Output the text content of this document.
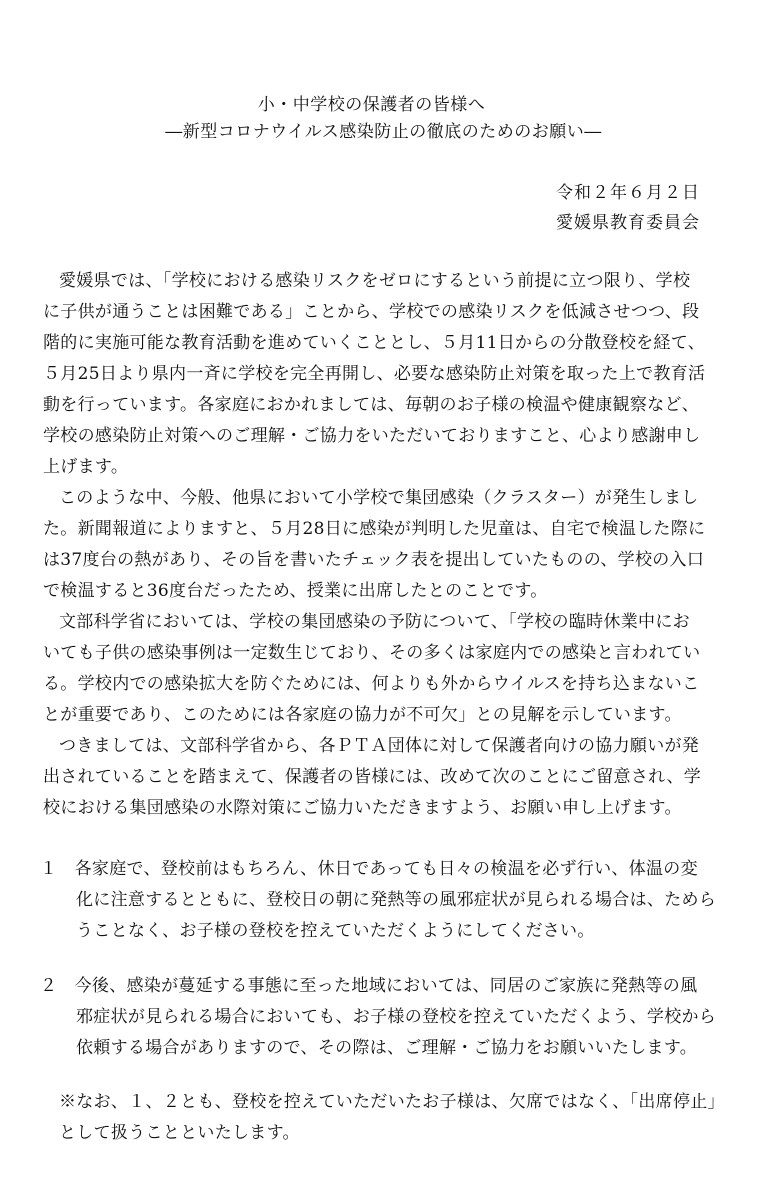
小・中学校の保護者の皆様へ
―新型コロナウイルス感染防止の徹底のためのお願い―
令和２年６月２日
愛媛県教育委員会
愛媛県では、「学校における感染リスクをゼロにするという前提に立つ限り、学校
に子供が通うことは困難である」ことから、学校での感染リスクを低減させつつ、段
階的に実施可能な教育活動を進めていくこととし、５月11日からの分散登校を経て、
５月25日より県内一斉に学校を完全再開し、必要な感染防止対策を取った上で教育活
動を行っています。各家庭におかれましては、毎朝のお子様の検温や健康観察など、
学校の感染防止対策へのご理解・ご協力をいただいておりますこと、心より感謝申し
上げます。
このような中、今般、他県において小学校で集団感染（クラスター）が発生しまし
た。新聞報道によりますと、５月28日に感染が判明した児童は、自宅で検温した際に
は37度台の熱があり、その旨を書いたチェック表を提出していたものの、学校の入口
で検温すると36度台だったため、授業に出席したとのことです。
文部科学省においては、学校の集団感染の予防について、「学校の臨時休業中にお
いても子供の感染事例は一定数生じており、その多くは家庭内での感染と言われてい
る。学校内での感染拡大を防ぐためには、何よりも外からウイルスを持ち込まないこ
とが重要であり、このためには各家庭の協力が不可欠」との見解を示しています。
つきましては、文部科学省から、各ＰＴＡ団体に対して保護者向けの協力願いが発
出されていることを踏まえて、保護者の皆様には、改めて次のことにご留意され、学
校における集団感染の水際対策にご協力いただきますよう、お願い申し上げます。
１　各家庭で、登校前はもちろん、休日であっても日々の検温を必ず行い、体温の変
化に注意するとともに、登校日の朝に発熱等の風邪症状が見られる場合は、ためら
うことなく、お子様の登校を控えていただくようにしてください。
２　今後、感染が蔓延する事態に至った地域においては、同居のご家族に発熱等の風
邪症状が見られる場合においても、お子様の登校を控えていただくよう、学校から
依頼する場合がありますので、その際は、ご理解・ご協力をお願いいたします。
※なお、１、２とも、登校を控えていただいたお子様は、欠席ではなく、「出席停止」
として扱うことといたします。
